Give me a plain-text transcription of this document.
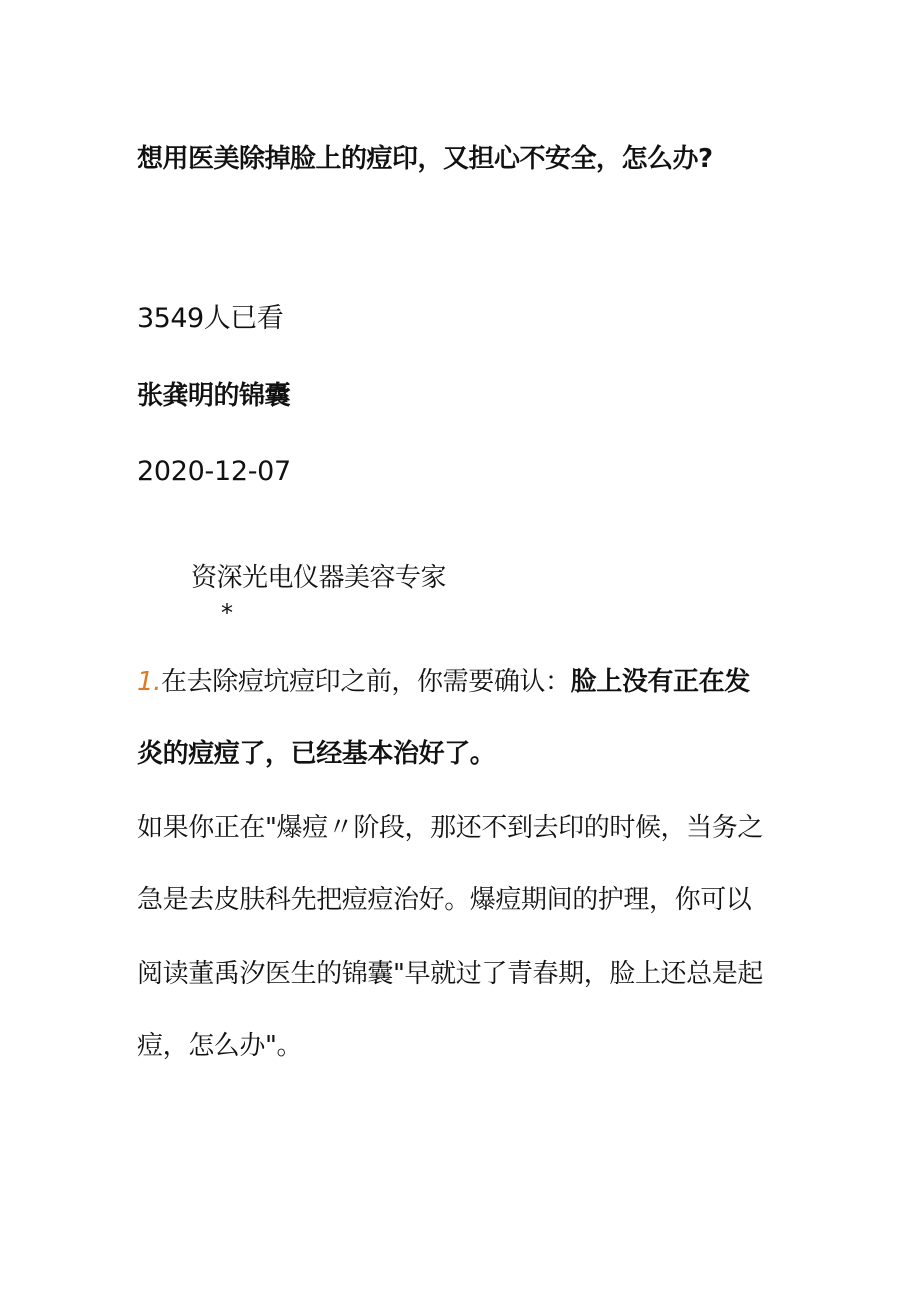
想用医美除掉脸上的痘印，又担心不安全，怎么办?
3549人已看
张龚明的锦囊
2020-12-07
资深光电仪器美容专家
*
1.在去除痘坑痘印之前，你需要确认：脸上没有正在发
炎的痘痘了，已经基本治好了。
如果你正在"爆痘〃阶段，那还不到去印的时候，当务之
急是去皮肤科先把痘痘治好。爆痘期间的护理，你可以
阅读董禹汐医生的锦囊"早就过了青春期，脸上还总是起
痘，怎么办"。
